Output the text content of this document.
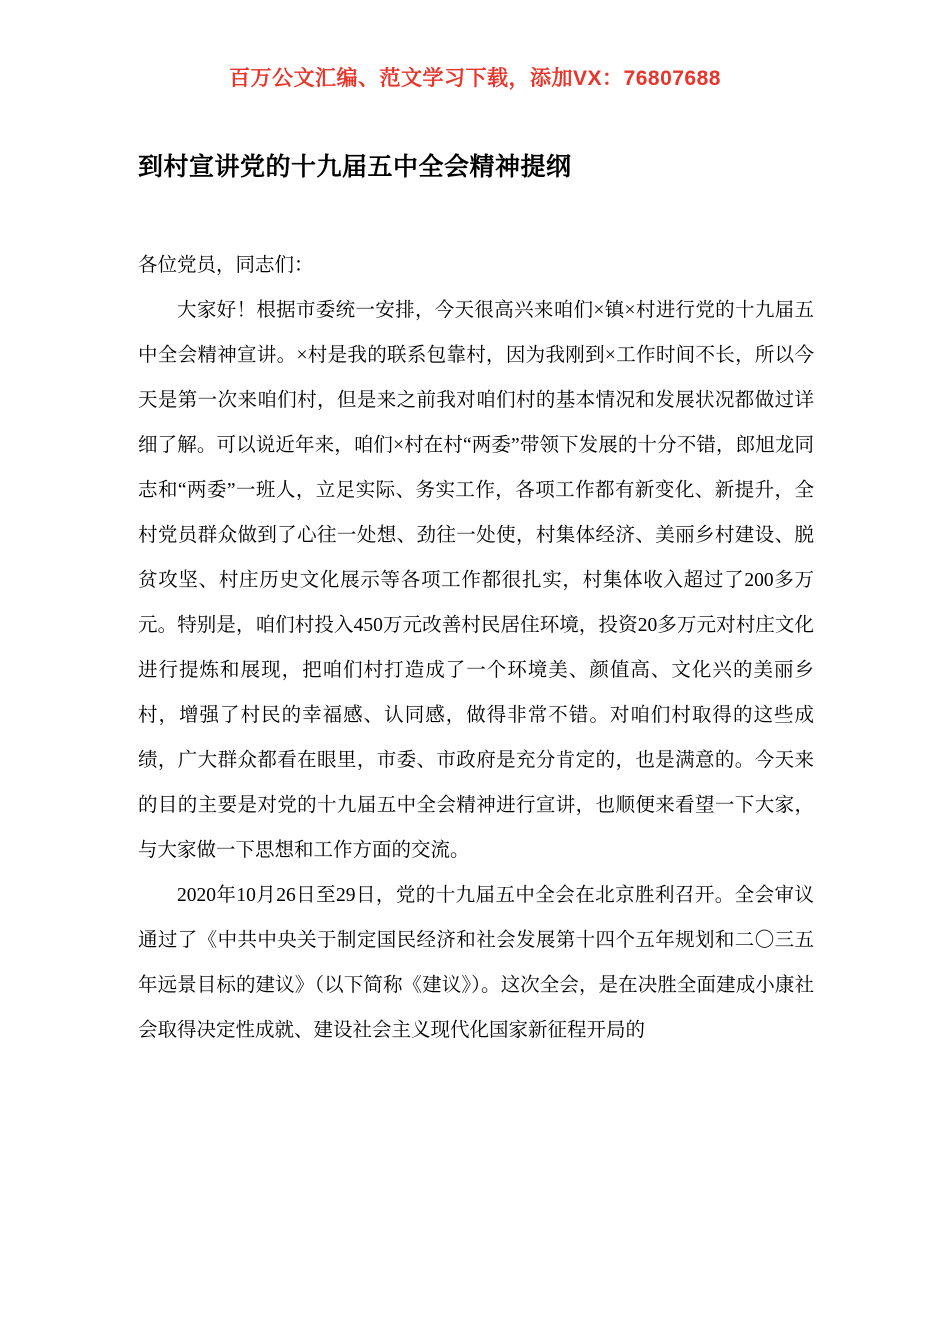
百万公文汇编、范文学习下载，添加VX：76807688
到村宣讲党的十九届五中全会精神提纲

各位党员，同志们：

大家好！根据市委统一安排，今天很高兴来咱们×镇×村进行党的十九届五中全会精神宣讲。×村是我的联系包靠村，因为我刚到×工作时间不长，所以今天是第一次来咱们村，但是来之前我对咱们村的基本情况和发展状况都做过详细了解。可以说近年来，咱们×村在村“两委”带领下发展的十分不错，郎旭龙同志和“两委”一班人，立足实际、务实工作，各项工作都有新变化、新提升，全村党员群众做到了心往一处想、劲往一处使，村集体经济、美丽乡村建设、脱贫攻坚、村庄历史文化展示等各项工作都很扎实，村集体收入超过了200多万元。特别是，咱们村投入450万元改善村民居住环境，投资20多万元对村庄文化进行提炼和展现，把咱们村打造成了一个环境美、颜值高、文化兴的美丽乡村，增强了村民的幸福感、认同感，做得非常不错。对咱们村取得的这些成绩，广大群众都看在眼里，市委、市政府是充分肯定的，也是满意的。今天来的目的主要是对党的十九届五中全会精神进行宣讲，也顺便来看望一下大家，与大家做一下思想和工作方面的交流。

2020年10月26日至29日，党的十九届五中全会在北京胜利召开。全会审议通过了《中共中央关于制定国民经济和社会发展第十四个五年规划和二〇三五年远景目标的建议》（以下简称《建议》）。这次全会，是在决胜全面建成小康社会取得决定性成就、建设社会主义现代化国家新征程开局的
